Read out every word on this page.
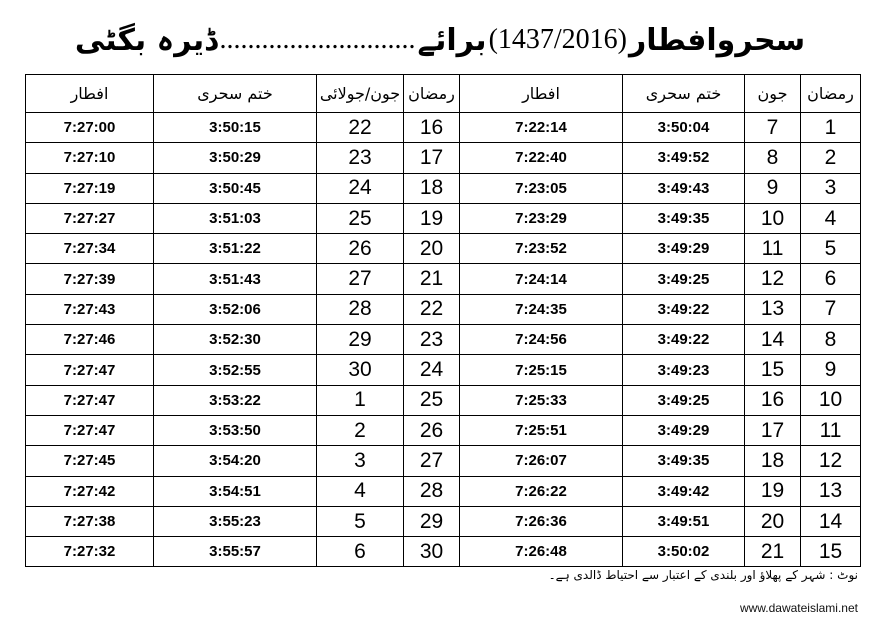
سحروافطار
(1437/2016)
برائے
............................
ڈیرہ بگٹی
رمضان	جون	ختم سحری	افطار	رمضان	جون/جولائی	ختم سحری	افطار
1	7	3:50:04	7:22:14	16	22	3:50:15	7:27:00
2	8	3:49:52	7:22:40	17	23	3:50:29	7:27:10
3	9	3:49:43	7:23:05	18	24	3:50:45	7:27:19
4	10	3:49:35	7:23:29	19	25	3:51:03	7:27:27
5	11	3:49:29	7:23:52	20	26	3:51:22	7:27:34
6	12	3:49:25	7:24:14	21	27	3:51:43	7:27:39
7	13	3:49:22	7:24:35	22	28	3:52:06	7:27:43
8	14	3:49:22	7:24:56	23	29	3:52:30	7:27:46
9	15	3:49:23	7:25:15	24	30	3:52:55	7:27:47
10	16	3:49:25	7:25:33	25	1	3:53:22	7:27:47
11	17	3:49:29	7:25:51	26	2	3:53:50	7:27:47
12	18	3:49:35	7:26:07	27	3	3:54:20	7:27:45
13	19	3:49:42	7:26:22	28	4	3:54:51	7:27:42
14	20	3:49:51	7:26:36	29	5	3:55:23	7:27:38
15	21	3:50:02	7:26:48	30	6	3:55:57	7:27:32
نوٹ : شہر کے پھلاؤ اور بلندی کے اعتبار سے احتیاط ڈالدی ہے۔
www.dawateislami.net
